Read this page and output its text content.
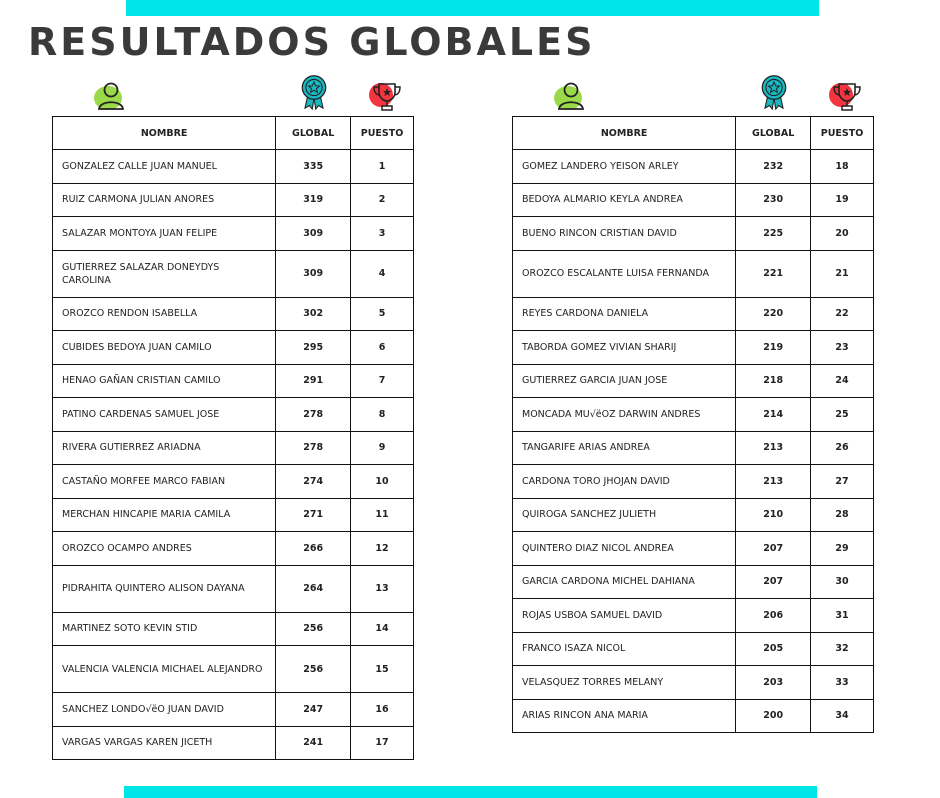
RESULTADOS GLOBALES
NOMBRE	GLOBAL	PUESTO
GONZALEZ CALLE JUAN MANUEL	335	1
RUIZ CARMONA JULIAN ANORES	319	2
SALAZAR MONTOYA JUAN FELIPE	309	3
GUTIERREZ SALAZAR DONEYDYS CAROLINA	309	4
OROZCO RENDON ISABELLA	302	5
CUBIDES BEDOYA JUAN CAMILO	295	6
HENAO GAÑAN CRISTIAN CAMILO	291	7
PATINO CARDENAS SAMUEL JOSE	278	8
RIVERA GUTIERREZ ARIADNA	278	9
CASTAÑO MORFEE MARCO FABIAN	274	10
MERCHAN HINCAPIE MARIA CAMILA	271	11
OROZCO OCAMPO ANDRES	266	12
PIDRAHITA QUINTERO ALISON DAYANA	264	13
MARTINEZ SOTO KEVIN STID	256	14
VALENCIA VALENCIA MICHAEL ALEJANDRO	256	15
SANCHEZ LONDO√ëO JUAN DAVID	247	16
VARGAS VARGAS KAREN JICETH	241	17
NOMBRE	GLOBAL	PUESTO
GOMEZ LANDERO YEISON ARLEY	232	18
BEDOYA ALMARIO KEYLA ANDREA	230	19
BUENO RINCON CRISTIAN DAVID	225	20
OROZCO ESCALANTE LUISA FERNANDA	221	21
REYES CARDONA DANIELA	220	22
TABORDA GOMEZ VIVIAN SHARIJ	219	23
GUTIERREZ GARCIA JUAN JOSE	218	24
MONCADA MU√ëOZ DARWIN ANDRES	214	25
TANGARIFE ARIAS ANDREA	213	26
CARDONA TORO JHOJAN DAVID	213	27
QUIROGA SANCHEZ JULIETH	210	28
QUINTERO DIAZ NICOL ANDREA	207	29
GARCIA CARDONA MICHEL DAHIANA	207	30
ROJAS USBOA SAMUEL DAVID	206	31
FRANCO ISAZA NICOL	205	32
VELASQUEZ TORRES MELANY	203	33
ARIAS RINCON ANA MARIA	200	34
